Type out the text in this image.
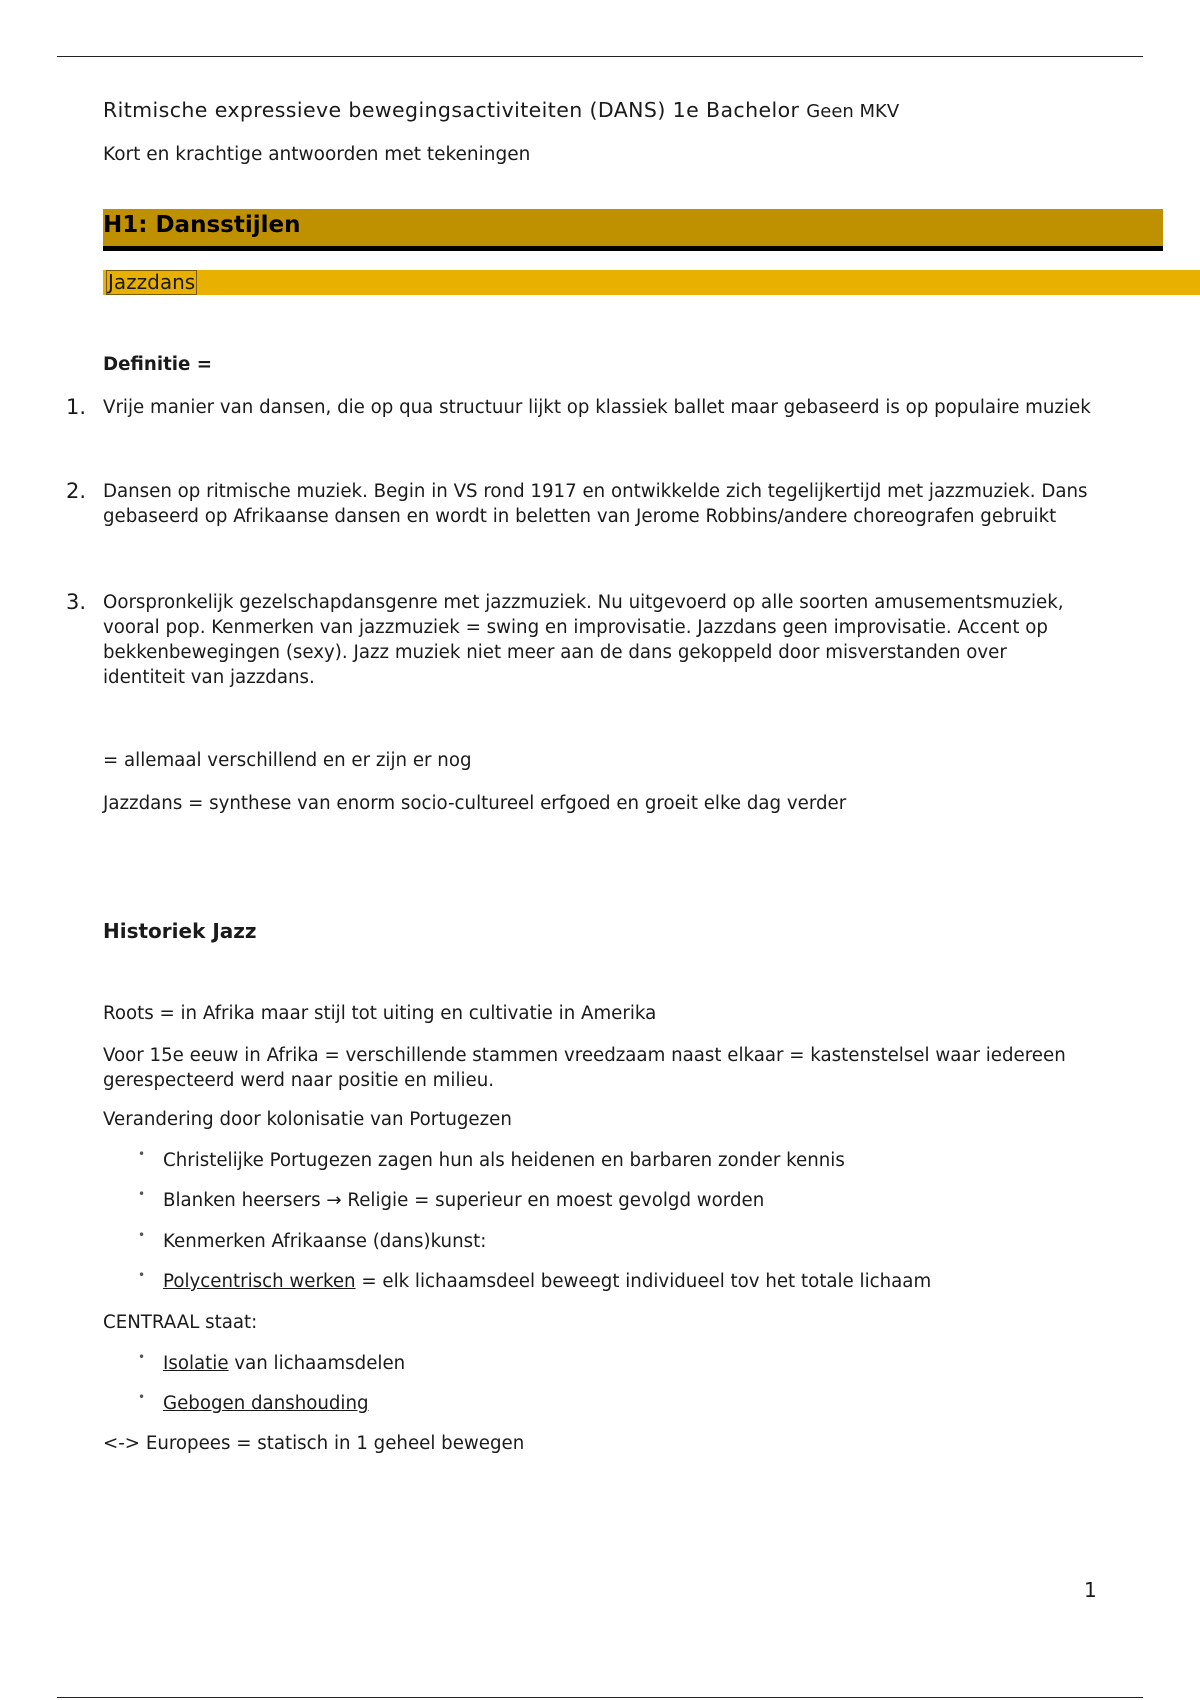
Ritmische expressieve bewegingsactiviteiten (DANS) 1e Bachelor Geen MKV
Kort en krachtige antwoorden met tekeningen
H1: Dansstijlen
Jazzdans
Definitie =
1. Vrije manier van dansen, die op qua structuur lijkt op klassiek ballet maar gebaseerd is op populaire muziek
2. Dansen op ritmische muziek. Begin in VS rond 1917 en ontwikkelde zich tegelijkertijd met jazzmuziek. Dans gebaseerd op Afrikaanse dansen en wordt in beletten van Jerome Robbins/andere choreografen gebruikt
3. Oorspronkelijk gezelschapdansgenre met jazzmuziek. Nu uitgevoerd op alle soorten amusementsmuziek, vooral pop. Kenmerken van jazzmuziek = swing en improvisatie. Jazzdans geen improvisatie. Accent op bekkenbewegingen (sexy). Jazz muziek niet meer aan de dans gekoppeld door misverstanden over identiteit van jazzdans.
= allemaal verschillend en er zijn er nog
Jazzdans = synthese van enorm socio-cultureel erfgoed en groeit elke dag verder
Historiek Jazz
Roots = in Afrika maar stijl tot uiting en cultivatie in Amerika
Voor 15e eeuw in Afrika = verschillende stammen vreedzaam naast elkaar = kastenstelsel waar iedereen gerespecteerd werd naar positie en milieu.
Verandering door kolonisatie van Portugezen
• Christelijke Portugezen zagen hun als heidenen en barbaren zonder kennis
• Blanken heersers → Religie = superieur en moest gevolgd worden
• Kenmerken Afrikaanse (dans)kunst:
• Polycentrisch werken = elk lichaamsdeel beweegt individueel tov het totale lichaam
CENTRAAL staat:
• Isolatie van lichaamsdelen
• Gebogen danshouding
<-> Europees = statisch in 1 geheel bewegen
1
